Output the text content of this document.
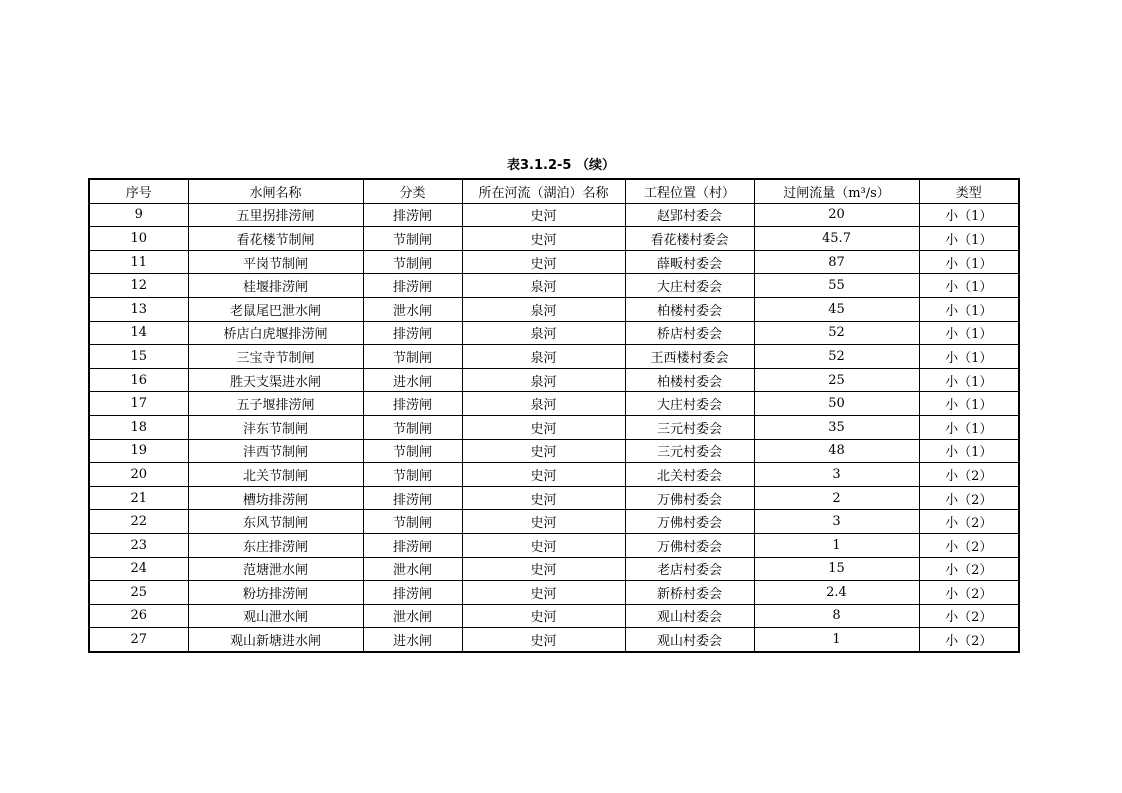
表3.1.2-5 （续）
序号	水闸名称	分类	所在河流（湖泊）名称	工程位置（村）	过闸流量（m³/s）	类型
9	五里拐排涝闸	排涝闸	史河	赵郢村委会	20	小（1）
10	看花楼节制闸	节制闸	史河	看花楼村委会	45.7	小（1）
11	平岗节制闸	节制闸	史河	薛畈村委会	87	小（1）
12	桂堰排涝闸	排涝闸	泉河	大庄村委会	55	小（1）
13	老鼠尾巴泄水闸	泄水闸	泉河	柏楼村委会	45	小（1）
14	桥店白虎堰排涝闸	排涝闸	泉河	桥店村委会	52	小（1）
15	三宝寺节制闸	节制闸	泉河	王西楼村委会	52	小（1）
16	胜天支渠进水闸	进水闸	泉河	柏楼村委会	25	小（1）
17	五子堰排涝闸	排涝闸	泉河	大庄村委会	50	小（1）
18	沣东节制闸	节制闸	史河	三元村委会	35	小（1）
19	沣西节制闸	节制闸	史河	三元村委会	48	小（1）
20	北关节制闸	节制闸	史河	北关村委会	3	小（2）
21	槽坊排涝闸	排涝闸	史河	万佛村委会	2	小（2）
22	东风节制闸	节制闸	史河	万佛村委会	3	小（2）
23	东庄排涝闸	排涝闸	史河	万佛村委会	1	小（2）
24	范塘泄水闸	泄水闸	史河	老店村委会	15	小（2）
25	粉坊排涝闸	排涝闸	史河	新桥村委会	2.4	小（2）
26	观山泄水闸	泄水闸	史河	观山村委会	8	小（2）
27	观山新塘进水闸	进水闸	史河	观山村委会	1	小（2）
